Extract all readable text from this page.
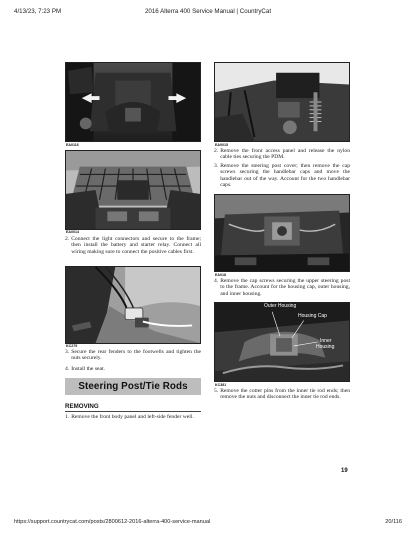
4/13/23, 7:23 PM	2016 Alterra 400 Service Manual | CountryCat
EA0116
EA0014
2. Connect the light connectors and secure to the frame; then install the battery and starter relay. Connect all wiring making sure to connect the positive cables first.
KC279
3. Secure the rear fenders to the footwells and tighten the nuts securely.
4. Install the seat.
Steering Post/Tie Rods
REMOVING
1. Remove the front body panel and left-side fender well.
EA0015
2. Remove the front access panel and release the nylon cable ties securing the PDM.
3. Remove the steering post cover; then remove the cap screws securing the handlebar caps and move the handlebar out of the way. Account for the two handlebar caps.
EA018
4. Remove the cap screws securing the upper steering post to the frame. Account for the housing cap, outer housing, and inner housing.
Outer Housing
Housing Cap
Inner
Housing
KC381
5. Remove the cotter pins from the inner tie rod ends; then remove the nuts and disconnect the inner tie rod ends.
19
https://support.countrycat.com/posts/2800612-2016-alterra-400-service-manual	20/116
